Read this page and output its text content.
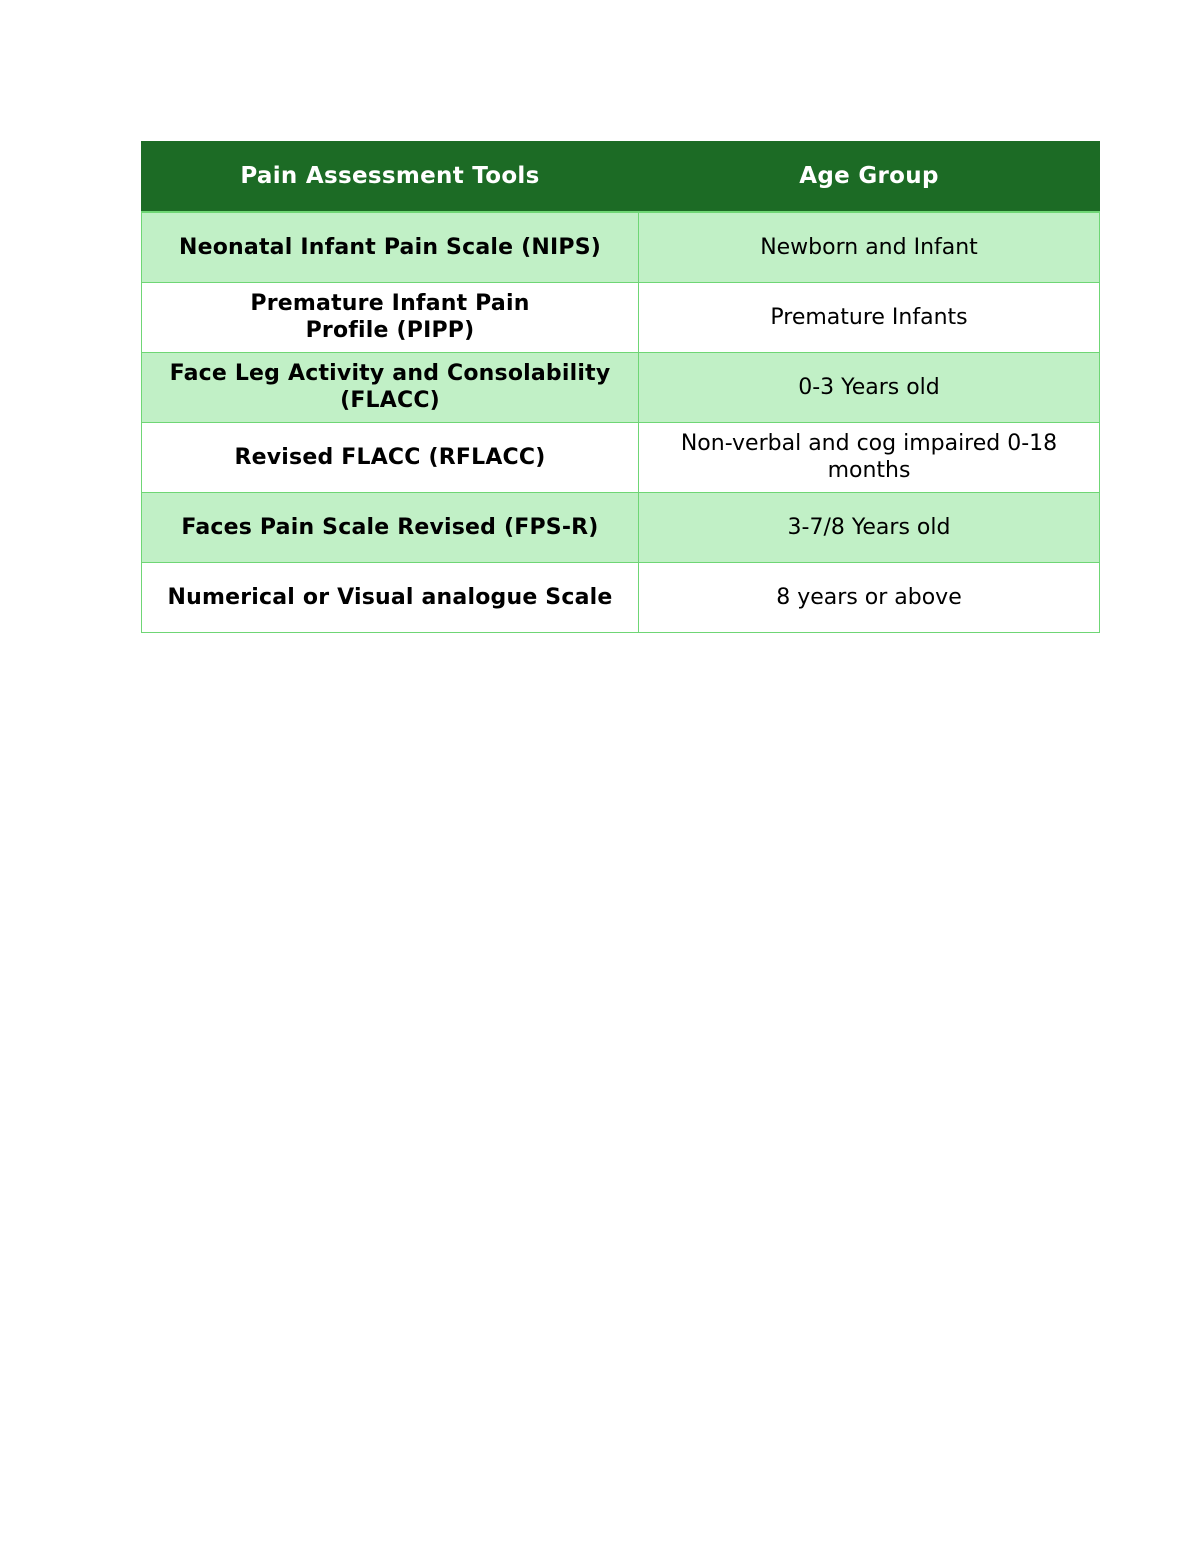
Pain Assessment Tools	Age Group
Neonatal Infant Pain Scale (NIPS)	Newborn and Infant
Premature Infant Pain Profile (PIPP)	Premature Infants
Face Leg Activity and Consolability (FLACC)	0-3 Years old
Revised FLACC (RFLACC)	Non-verbal and cog impaired 0-18 months
Faces Pain Scale Revised (FPS-R)	3-7/8 Years old
Numerical or Visual analogue Scale	8 years or above
